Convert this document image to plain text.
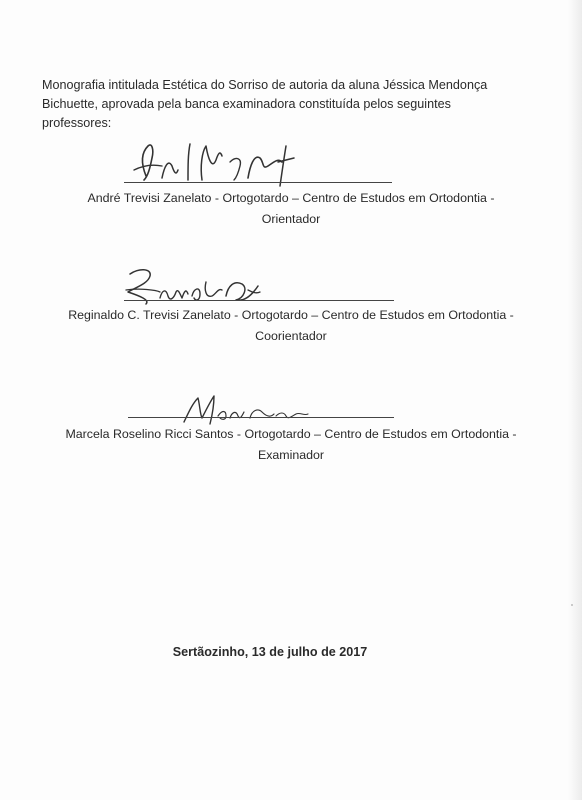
Monografia intitulada Estética do Sorriso de autoria da aluna Jéssica Mendonça Bichuette, aprovada pela banca examinadora constituída pelos seguintes professores:

André Trevisi Zanelato - Ortogotardo – Centro de Estudos em Ortodontia -

Orientador

Reginaldo C. Trevisi Zanelato - Ortogotardo – Centro de Estudos em Ortodontia -

Coorientador

Marcela Roselino Ricci Santos - Ortogotardo – Centro de Estudos em Ortodontia -

Examinador

Sertãozinho, 13 de julho de 2017
